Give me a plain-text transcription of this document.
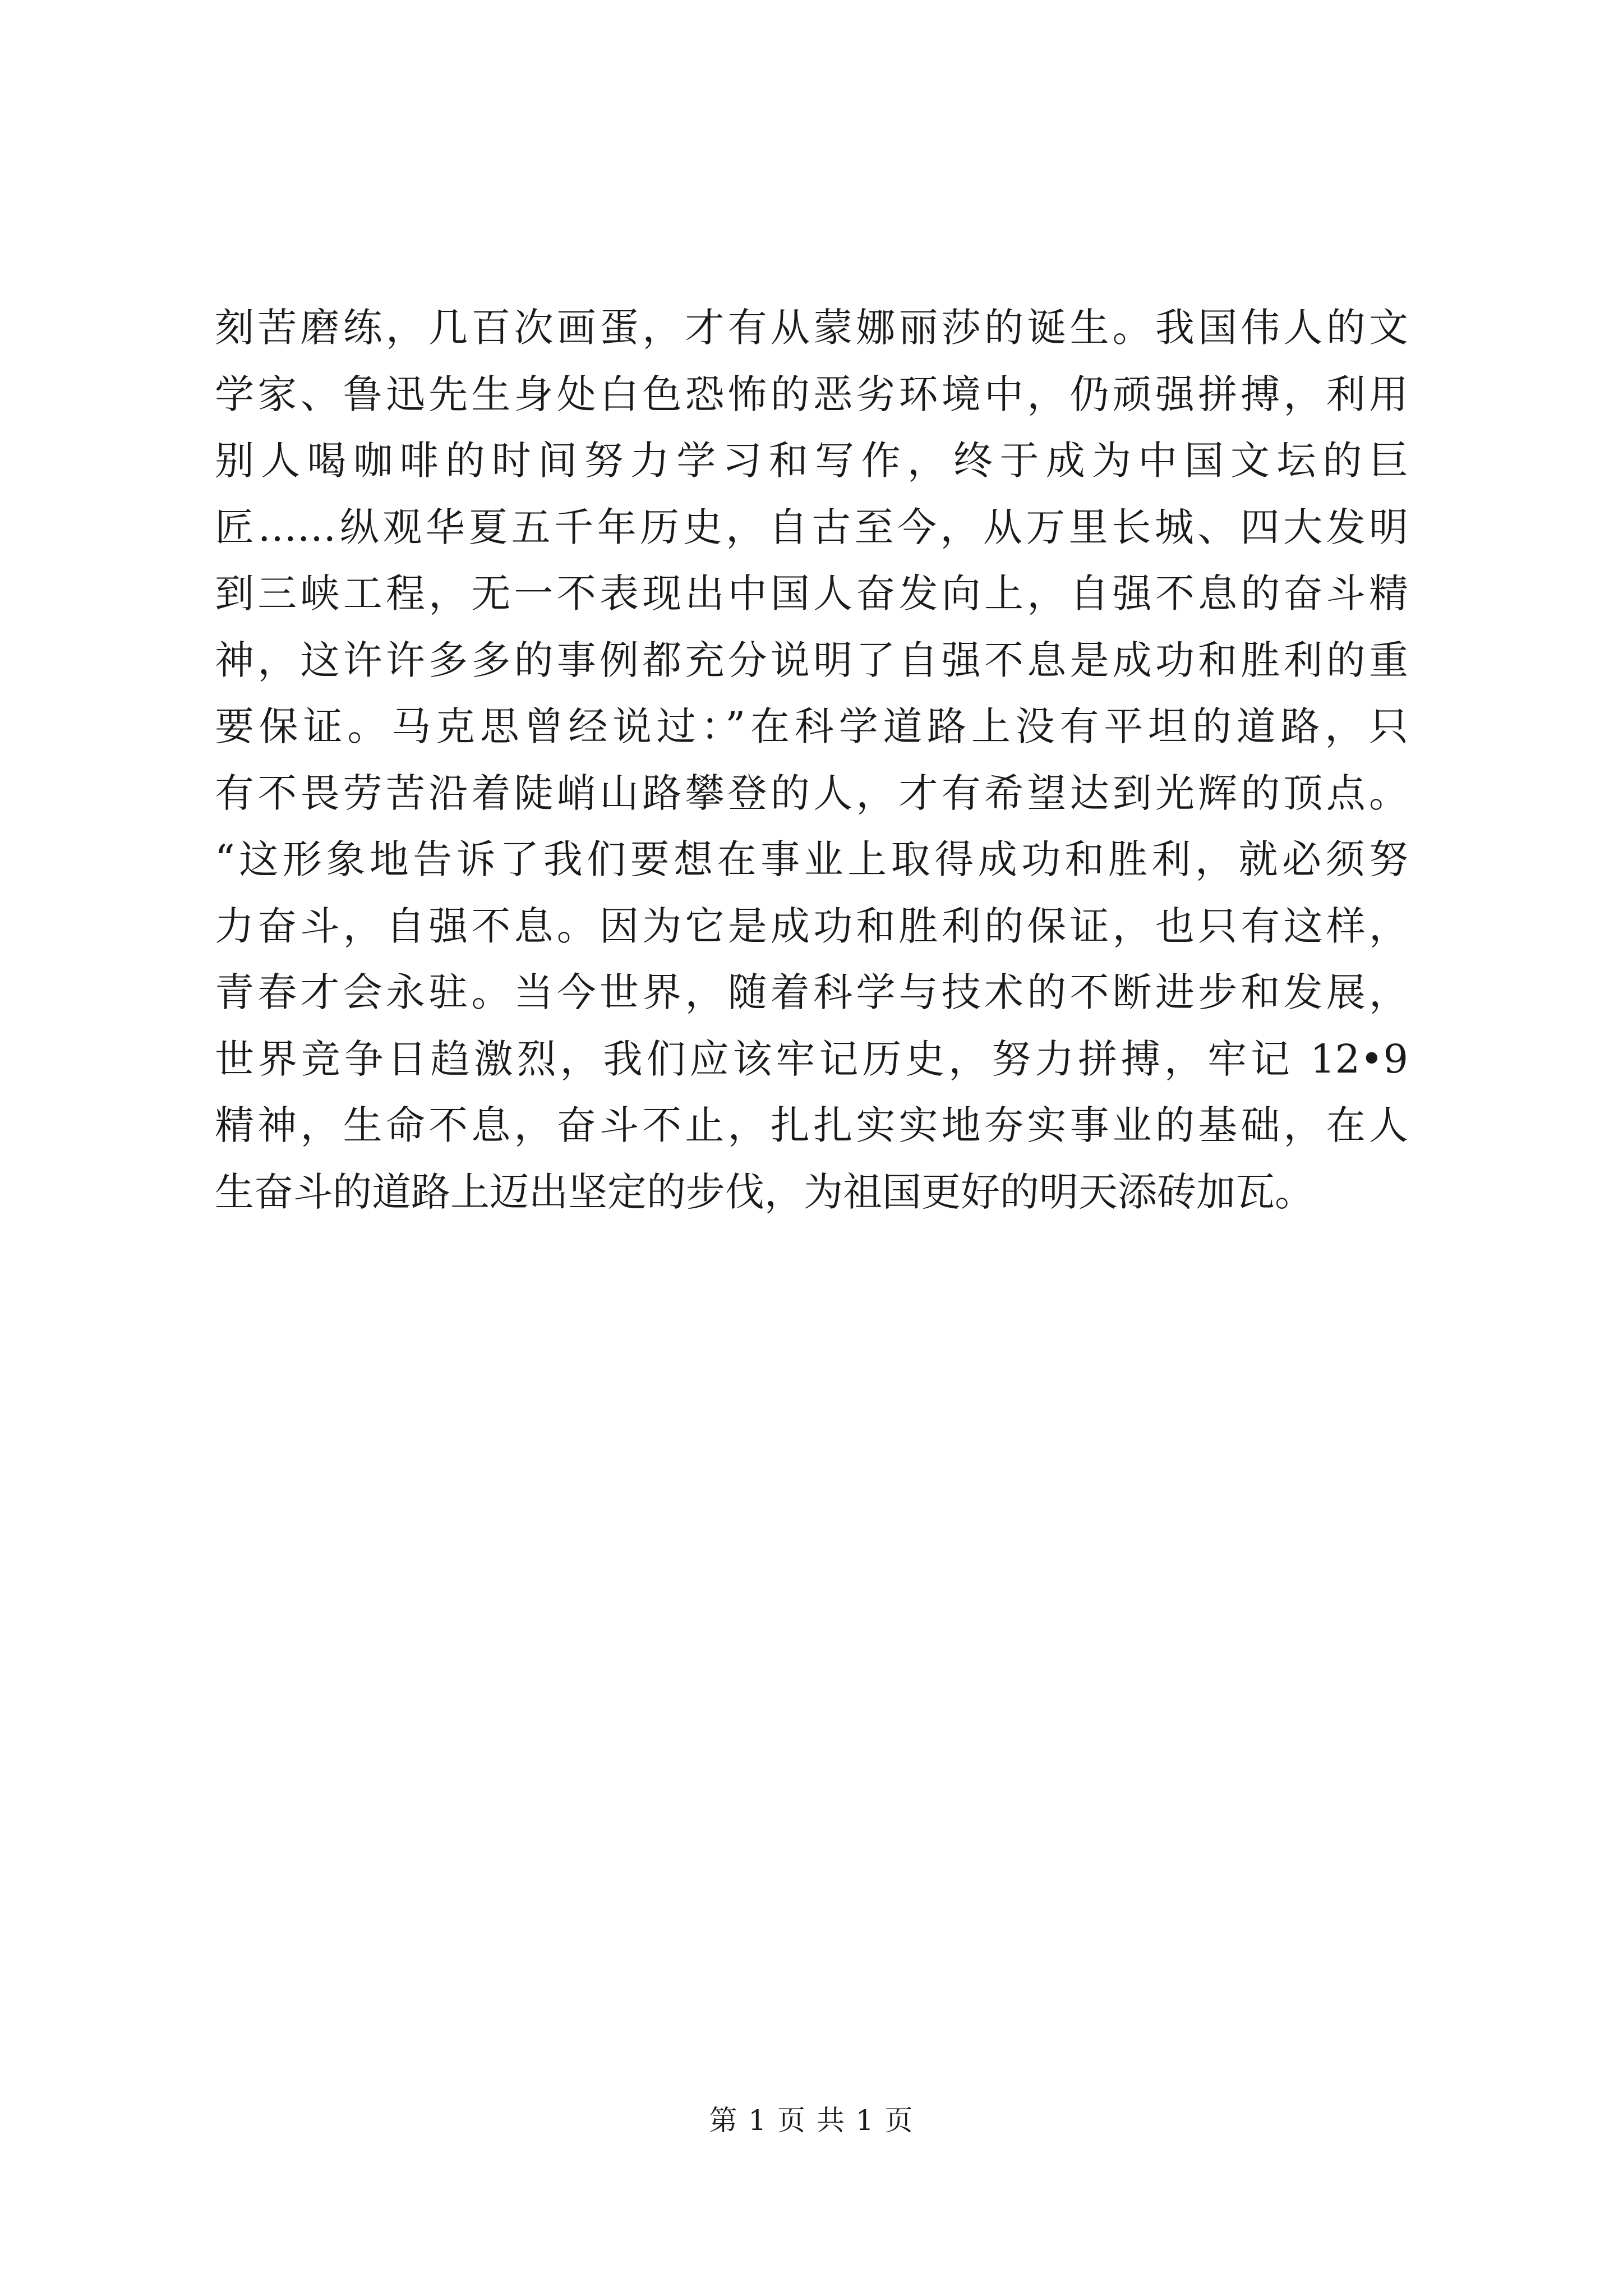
刻苦磨练，几百次画蛋，才有从蒙娜丽莎的诞生。我国伟人的文
学家、鲁迅先生身处白色恐怖的恶劣环境中，仍顽强拼搏，利用
别人喝咖啡的时间努力学习和写作，终于成为中国文坛的巨
匠……纵观华夏五千年历史，自古至今，从万里长城、四大发明
到三峡工程，无一不表现出中国人奋发向上，自强不息的奋斗精
神，这许许多多的事例都充分说明了自强不息是成功和胜利的重
要保证。马克思曾经说过：”在科学道路上没有平坦的道路，只
有不畏劳苦沿着陡峭山路攀登的人，才有希望达到光辉的顶点。
“这形象地告诉了我们要想在事业上取得成功和胜利，就必须努
力奋斗，自强不息。因为它是成功和胜利的保证，也只有这样，
青春才会永驻。当今世界，随着科学与技术的不断进步和发展，
世界竞争日趋激烈，我们应该牢记历史，努力拼搏，牢记 12•9
精神，生命不息，奋斗不止，扎扎实实地夯实事业的基础，在人
生奋斗的道路上迈出坚定的步伐，为祖国更好的明天添砖加瓦。
第 1 页 共 1 页
